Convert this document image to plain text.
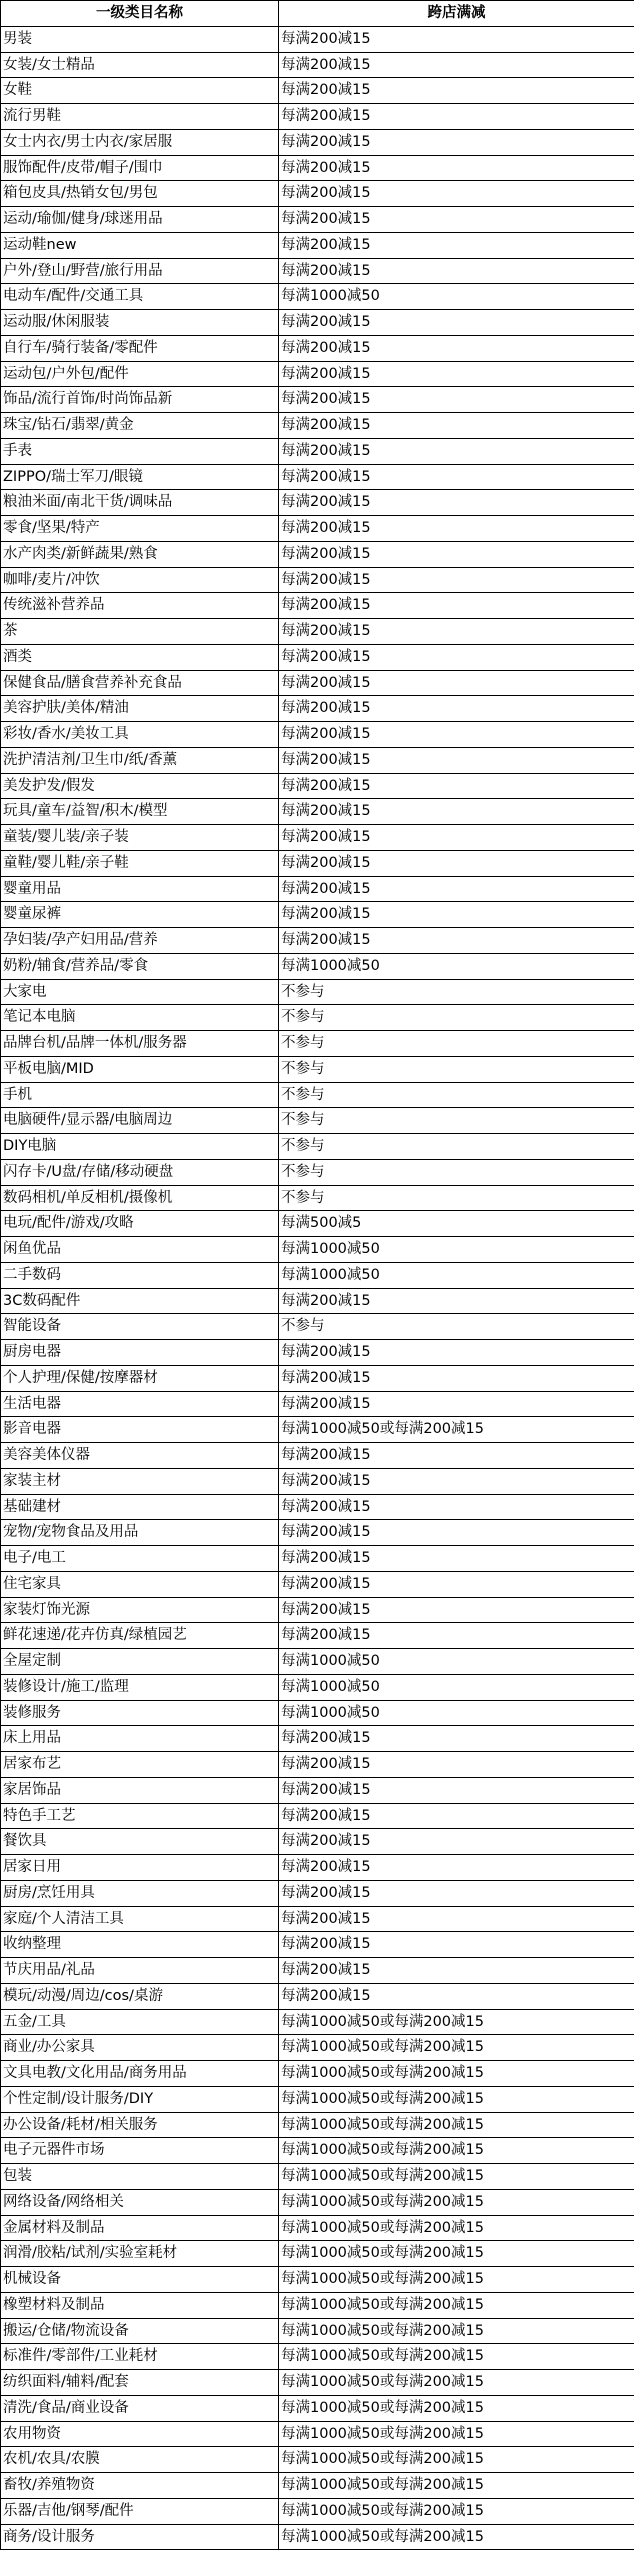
一级类目名称	跨店满减
男装	每满200减15
女装/女士精品	每满200减15
女鞋	每满200减15
流行男鞋	每满200减15
女士内衣/男士内衣/家居服	每满200减15
服饰配件/皮带/帽子/围巾	每满200减15
箱包皮具/热销女包/男包	每满200减15
运动/瑜伽/健身/球迷用品	每满200减15
运动鞋new	每满200减15
户外/登山/野营/旅行用品	每满200减15
电动车/配件/交通工具	每满1000减50
运动服/休闲服装	每满200减15
自行车/骑行装备/零配件	每满200减15
运动包/户外包/配件	每满200减15
饰品/流行首饰/时尚饰品新	每满200减15
珠宝/钻石/翡翠/黄金	每满200减15
手表	每满200减15
ZIPPO/瑞士军刀/眼镜	每满200减15
粮油米面/南北干货/调味品	每满200减15
零食/坚果/特产	每满200减15
水产肉类/新鲜蔬果/熟食	每满200减15
咖啡/麦片/冲饮	每满200减15
传统滋补营养品	每满200减15
茶	每满200减15
酒类	每满200减15
保健食品/膳食营养补充食品	每满200减15
美容护肤/美体/精油	每满200减15
彩妆/香水/美妆工具	每满200减15
洗护清洁剂/卫生巾/纸/香薰	每满200减15
美发护发/假发	每满200减15
玩具/童车/益智/积木/模型	每满200减15
童装/婴儿装/亲子装	每满200减15
童鞋/婴儿鞋/亲子鞋	每满200减15
婴童用品	每满200减15
婴童尿裤	每满200减15
孕妇装/孕产妇用品/营养	每满200减15
奶粉/辅食/营养品/零食	每满1000减50
大家电	不参与
笔记本电脑	不参与
品牌台机/品牌一体机/服务器	不参与
平板电脑/MID	不参与
手机	不参与
电脑硬件/显示器/电脑周边	不参与
DIY电脑	不参与
闪存卡/U盘/存储/移动硬盘	不参与
数码相机/单反相机/摄像机	不参与
电玩/配件/游戏/攻略	每满500减5
闲鱼优品	每满1000减50
二手数码	每满1000减50
3C数码配件	每满200减15
智能设备	不参与
厨房电器	每满200减15
个人护理/保健/按摩器材	每满200减15
生活电器	每满200减15
影音电器	每满1000减50或每满200减15
美容美体仪器	每满200减15
家装主材	每满200减15
基础建材	每满200减15
宠物/宠物食品及用品	每满200减15
电子/电工	每满200减15
住宅家具	每满200减15
家装灯饰光源	每满200减15
鲜花速递/花卉仿真/绿植园艺	每满200减15
全屋定制	每满1000减50
装修设计/施工/监理	每满1000减50
装修服务	每满1000减50
床上用品	每满200减15
居家布艺	每满200减15
家居饰品	每满200减15
特色手工艺	每满200减15
餐饮具	每满200减15
居家日用	每满200减15
厨房/烹饪用具	每满200减15
家庭/个人清洁工具	每满200减15
收纳整理	每满200减15
节庆用品/礼品	每满200减15
模玩/动漫/周边/cos/桌游	每满200减15
五金/工具	每满1000减50或每满200减15
商业/办公家具	每满1000减50或每满200减15
文具电教/文化用品/商务用品	每满1000减50或每满200减15
个性定制/设计服务/DIY	每满1000减50或每满200减15
办公设备/耗材/相关服务	每满1000减50或每满200减15
电子元器件市场	每满1000减50或每满200减15
包装	每满1000减50或每满200减15
网络设备/网络相关	每满1000减50或每满200减15
金属材料及制品	每满1000减50或每满200减15
润滑/胶粘/试剂/实验室耗材	每满1000减50或每满200减15
机械设备	每满1000减50或每满200减15
橡塑材料及制品	每满1000减50或每满200减15
搬运/仓储/物流设备	每满1000减50或每满200减15
标准件/零部件/工业耗材	每满1000减50或每满200减15
纺织面料/辅料/配套	每满1000减50或每满200减15
清洗/食品/商业设备	每满1000减50或每满200减15
农用物资	每满1000减50或每满200减15
农机/农具/农膜	每满1000减50或每满200减15
畜牧/养殖物资	每满1000减50或每满200减15
乐器/吉他/钢琴/配件	每满1000减50或每满200减15
商务/设计服务	每满1000减50或每满200减15
